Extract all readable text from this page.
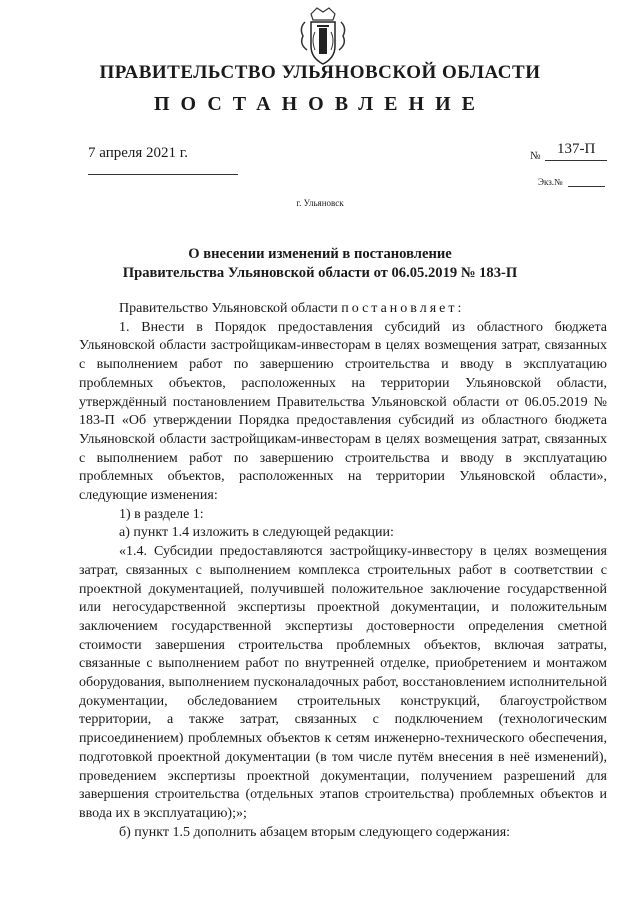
ПРАВИТЕЛЬСТВО УЛЬЯНОВСКОЙ ОБЛАСТИ
ПОСТАНОВЛЕНИЕ
7 апреля 2021 г.	№ 137-П
Экз.№
г. Ульяновск
О внесении изменений в постановление
Правительства Ульяновской области от 06.05.2019 № 183-П

Правительство Ульяновской области постановляет:

1. Внести в Порядок предоставления субсидий из областного бюджета Ульяновской области застройщикам-инвесторам в целях возмещения затрат, связанных с выполнением работ по завершению строительства и вводу в эксплуатацию проблемных объектов, расположенных на территории Ульяновской области, утверждённый постановлением Правительства Ульяновской области от 06.05.2019 № 183-П «Об утверждении Порядка предоставления субсидий из областного бюджета Ульяновской области застройщикам-инвесторам в целях возмещения затрат, связанных с выполнением работ по завершению строительства и вводу в эксплуатацию проблемных объектов, расположенных на территории Ульяновской области», следующие изменения:

1) в разделе 1:

а) пункт 1.4 изложить в следующей редакции:

«1.4. Субсидии предоставляются застройщику-инвестору в целях возмещения затрат, связанных с выполнением комплекса строительных работ в соответствии с проектной документацией, получившей положительное заключение государственной или негосударственной экспертизы проектной документации, и положительным заключением государственной экспертизы достоверности определения сметной стоимости завершения строительства проблемных объектов, включая затраты, связанные с выполнением работ по внутренней отделке, приобретением и монтажом оборудования, выполнением пусконаладочных работ, восстановлением исполнительной документации, обследованием строительных конструкций, благоустройством территории, а также затрат, связанных с подключением (технологическим присоединением) проблемных объектов к сетям инженерно-технического обеспечения, подготовкой проектной документации (в том числе путём внесения в неё изменений), проведением экспертизы проектной документации, получением разрешений для завершения строительства (отдельных этапов строительства) проблемных объектов и ввода их в эксплуатацию);»;

б) пункт 1.5 дополнить абзацем вторым следующего содержания:
